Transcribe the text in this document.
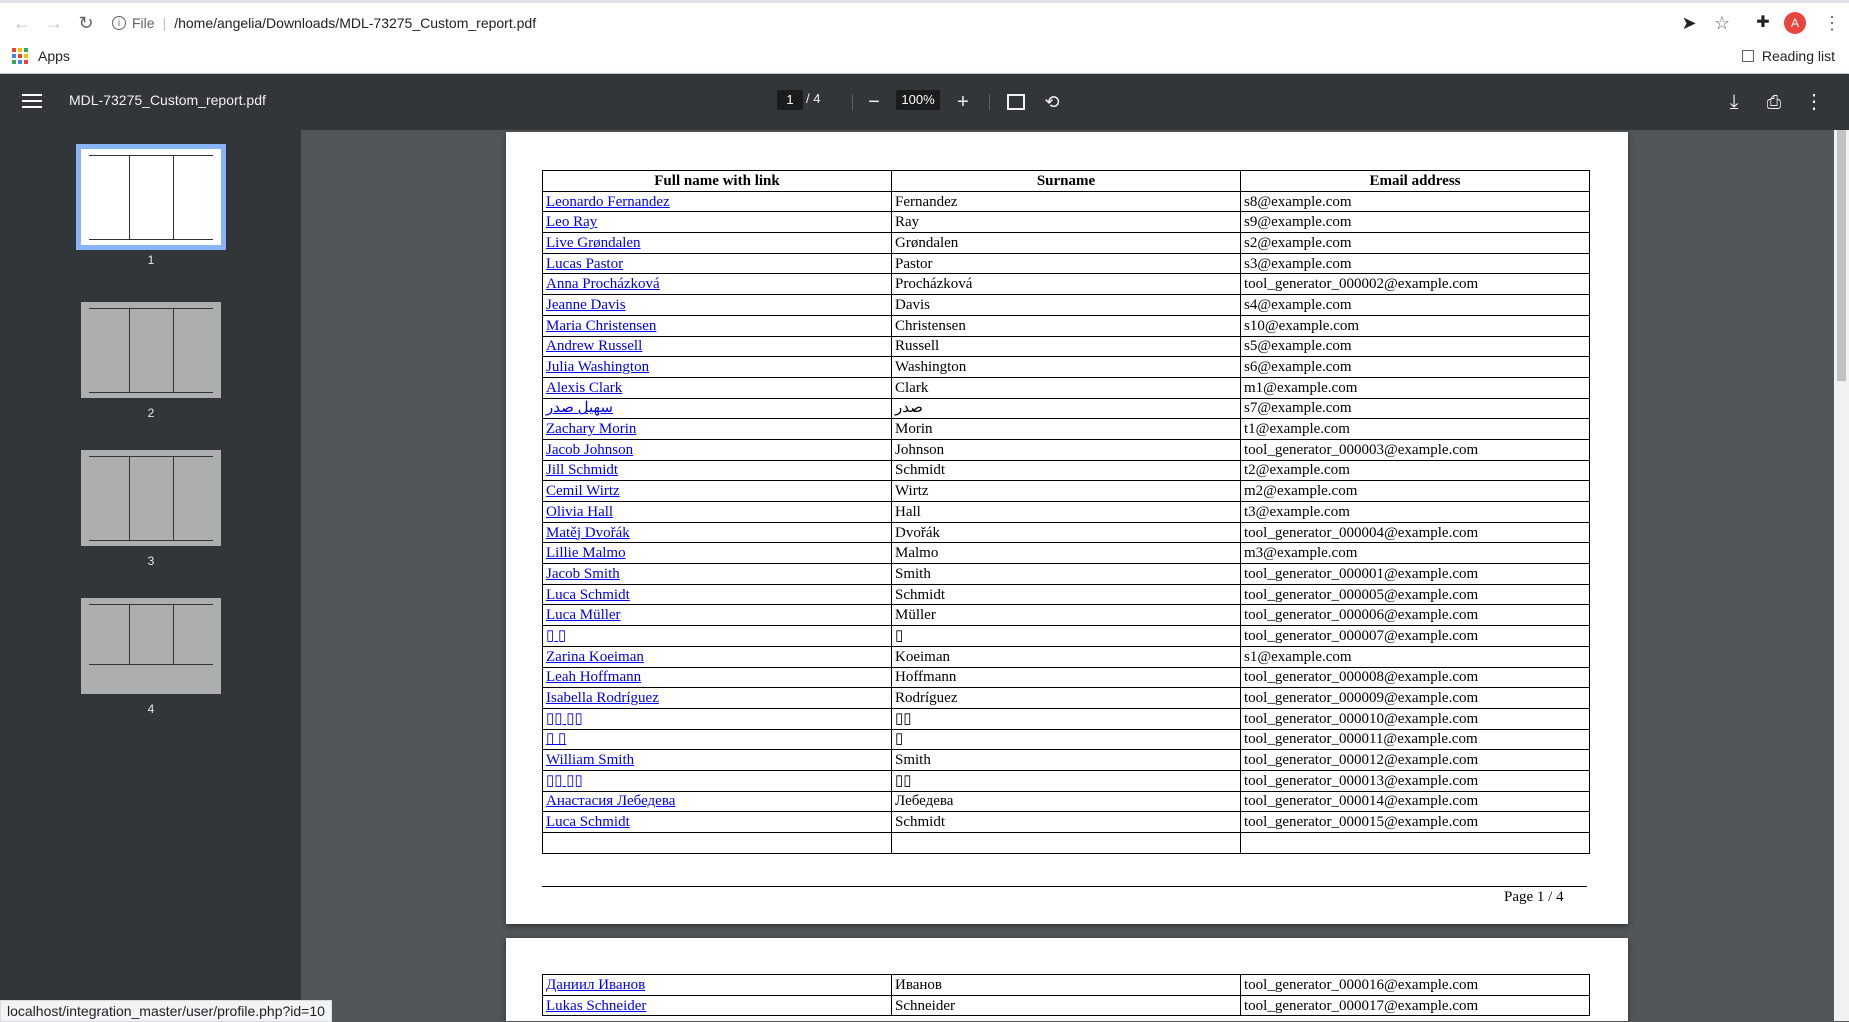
← → ↻	i File | /home/angelia/Downloads/MDL-73275_Custom_report.pdf	➤ ☆	✚	A	⋮
Apps	Reading list
MDL-73275_Custom_report.pdf	1 / 4	−	100%	+	⟲	⤓	⎙ ⋮
1
2
3
4
Full name with link	Surname	Email address
Leonardo Fernandez	Fernandez	s8@example.com
Leo Ray	Ray	s9@example.com
Live Grøndalen	Grøndalen	s2@example.com
Lucas Pastor	Pastor	s3@example.com
Anna Procházková	Procházková	tool_generator_000002@example.com
Jeanne Davis	Davis	s4@example.com
Maria Christensen	Christensen	s10@example.com
Andrew Russell	Russell	s5@example.com
Julia Washington	Washington	s6@example.com
Alexis Clark	Clark	m1@example.com
سهیل صدر	صدر	s7@example.com
Zachary Morin	Morin	t1@example.com
Jacob Johnson	Johnson	tool_generator_000003@example.com
Jill Schmidt	Schmidt	t2@example.com
Cemil Wirtz	Wirtz	m2@example.com
Olivia Hall	Hall	t3@example.com
Matěj Dvořák	Dvořák	tool_generator_000004@example.com
Lillie Malmo	Malmo	m3@example.com
Jacob Smith	Smith	tool_generator_000001@example.com
Luca Schmidt	Schmidt	tool_generator_000005@example.com
Luca Müller	Müller	tool_generator_000006@example.com
▯ ▯	▯	tool_generator_000007@example.com
Zarina Koeiman	Koeiman	s1@example.com
Leah Hoffmann	Hoffmann	tool_generator_000008@example.com
Isabella Rodríguez	Rodríguez	tool_generator_000009@example.com
▯▯ ▯▯	▯▯	tool_generator_000010@example.com
▯ ▯	▯	tool_generator_000011@example.com
William Smith	Smith	tool_generator_000012@example.com
▯▯ ▯▯	▯▯	tool_generator_000013@example.com
Анастасия Лебедева	Лебедева	tool_generator_000014@example.com
Luca Schmidt	Schmidt	tool_generator_000015@example.com

Page 1 / 4
Даниил Иванов	Иванов	tool_generator_000016@example.com
Lukas Schneider	Schneider	tool_generator_000017@example.com
localhost/integration_master/user/profile.php?id=10
